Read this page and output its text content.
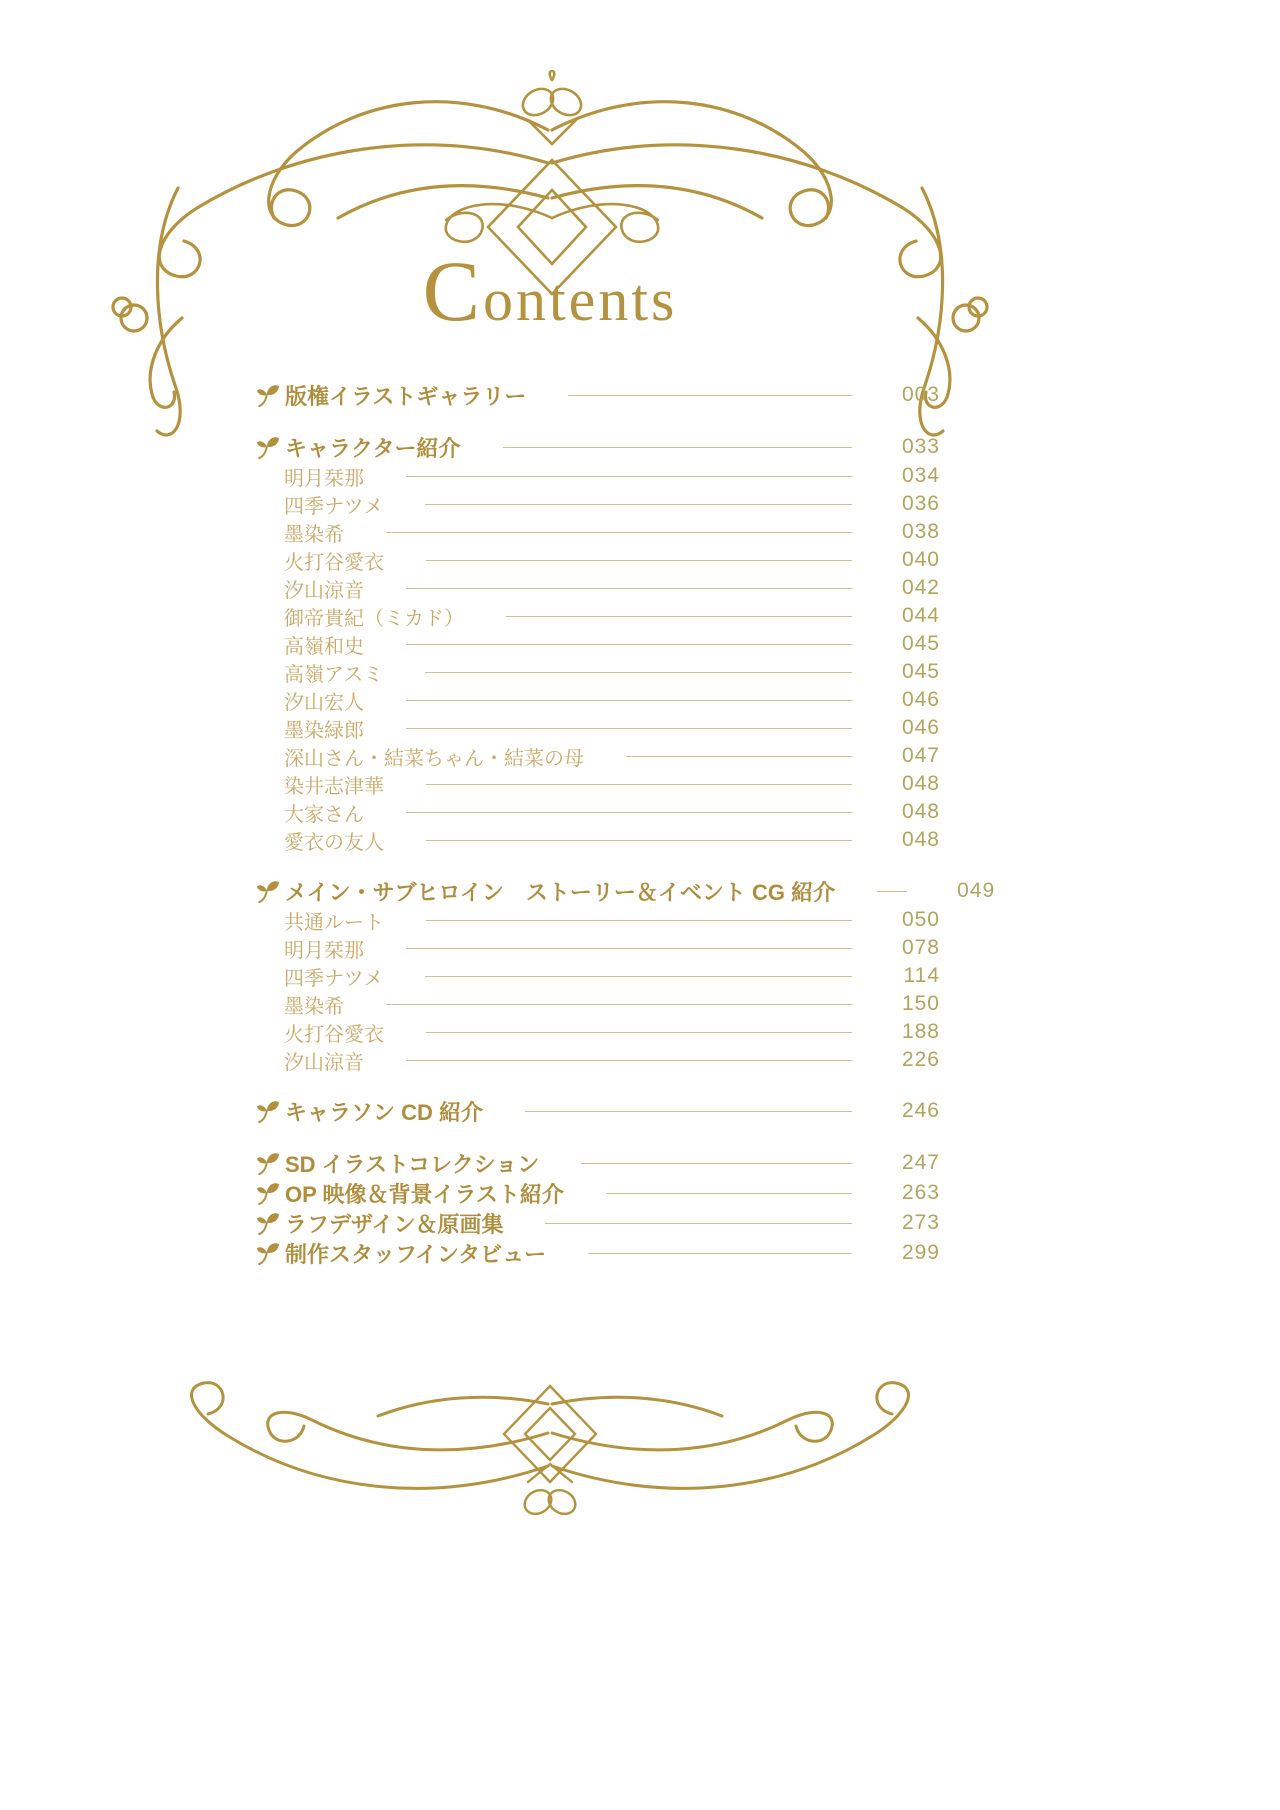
Contents
版権イラストギャラリー	003
キャラクター紹介	033
明月栞那	034
四季ナツメ	036
墨染希	038
火打谷愛衣	040
汐山涼音	042
御帝貴紀（ミカド）	044
高嶺和史	045
高嶺アスミ	045
汐山宏人	046
墨染緑郎	046
深山さん・結菜ちゃん・結菜の母	047
染井志津華	048
大家さん	048
愛衣の友人	048
メイン・サブヒロイン　ストーリー＆イベント CG 紹介	049
共通ルート	050
明月栞那	078
四季ナツメ	114
墨染希	150
火打谷愛衣	188
汐山涼音	226
キャラソン CD 紹介	246
SD イラストコレクション	247
OP 映像＆背景イラスト紹介	263
ラフデザイン＆原画集	273
制作スタッフインタビュー	299
